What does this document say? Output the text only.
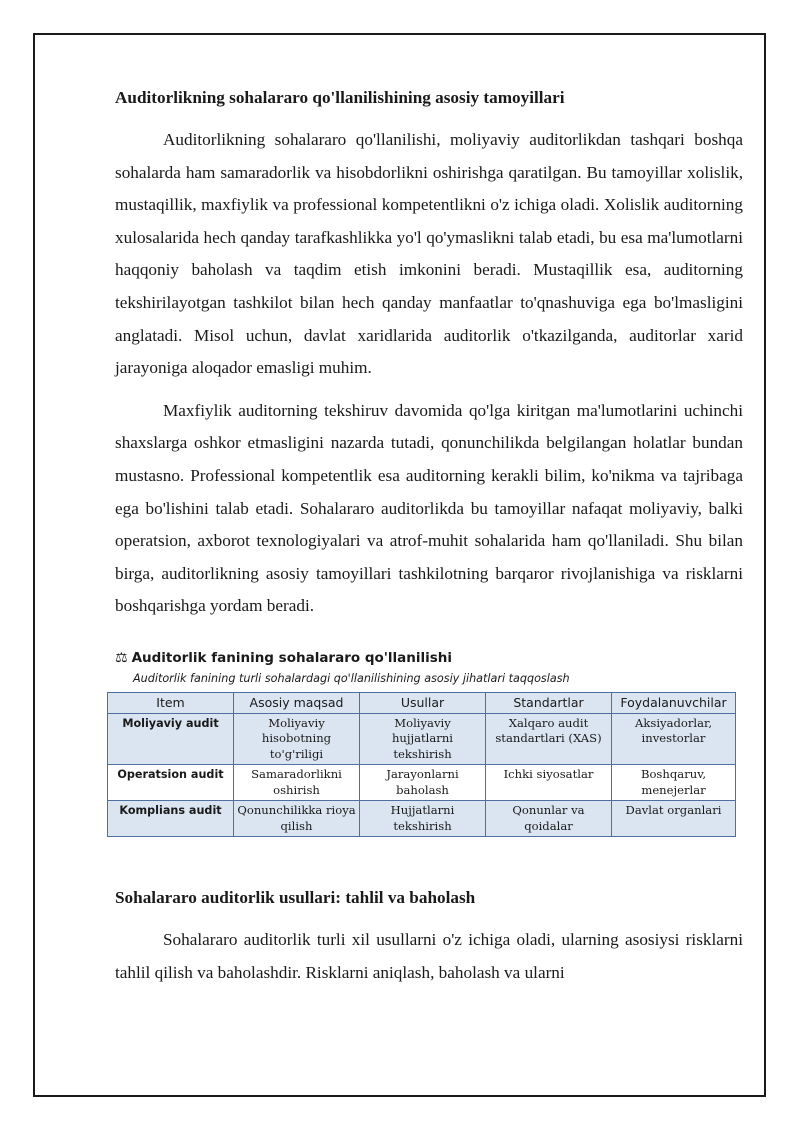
Auditorlikning sohalararo qo'llanilishining asosiy tamoyillari

Auditorlikning sohalararo qo'llanilishi, moliyaviy auditorlikdan tashqari boshqa sohalarda ham samaradorlik va hisobdorlikni oshirishga qaratilgan. Bu tamoyillar xolislik, mustaqillik, maxfiylik va professional kompetentlikni o'z ichiga oladi. Xolislik auditorning xulosalarida hech qanday tarafkashlikka yo'l qo'ymaslikni talab etadi, bu esa ma'lumotlarni haqqoniy baholash va taqdim etish imkonini beradi. Mustaqillik esa, auditorning tekshirilayotgan tashkilot bilan hech qanday manfaatlar to'qnashuviga ega bo'lmasligini anglatadi. Misol uchun, davlat xaridlarida auditorlik o'tkazilganda, auditorlar xarid jarayoniga aloqador emasligi muhim.

Maxfiylik auditorning tekshiruv davomida qo'lga kiritgan ma'lumotlarini uchinchi shaxslarga oshkor etmasligini nazarda tutadi, qonunchilikda belgilangan holatlar bundan mustasno. Professional kompetentlik esa auditorning kerakli bilim, ko'nikma va tajribaga ega bo'lishini talab etadi. Sohalararo auditorlikda bu tamoyillar nafaqat moliyaviy, balki operatsion, axborot texnologiyalari va atrof-muhit sohalarida ham qo'llaniladi. Shu bilan birga, auditorlikning asosiy tamoyillari tashkilotning barqaror rivojlanishiga va risklarni boshqarishga yordam beradi.

⚖ Auditorlik fanining sohalararo qo'llanilishi
Auditorlik fanining turli sohalardagi qo'llanilishining asosiy jihatlari taqqoslash
Item	Asosiy maqsad	Usullar	Standartlar	Foydalanuvchilar
Moliyaviy audit	Moliyaviy hisobotning to'g'riligi	Moliyaviy hujjatlarni tekshirish	Xalqaro audit standartlari (XAS)	Aksiyadorlar, investorlar
Operatsion audit	Samaradorlikni oshirish	Jarayonlarni baholash	Ichki siyosatlar	Boshqaruv, menejerlar
Komplians audit	Qonunchilikka rioya qilish	Hujjatlarni tekshirish	Qonunlar va qoidalar	Davlat organlari
Sohalararo auditorlik usullari: tahlil va baholash

Sohalararo auditorlik turli xil usullarni o'z ichiga oladi, ularning asosiysi risklarni tahlil qilish va baholashdir. Risklarni aniqlash, baholash va ularni
